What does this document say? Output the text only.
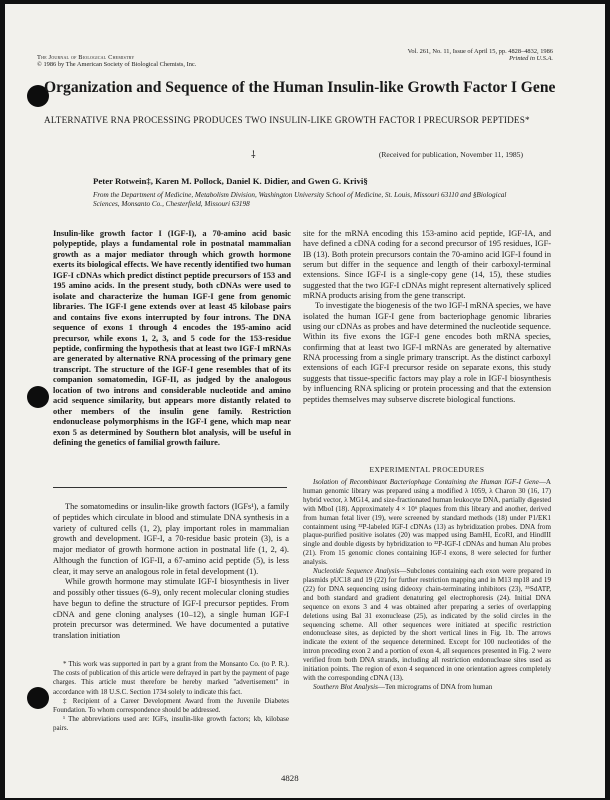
The Journal of Biological Chemistry
© 1986 by The American Society of Biological Chemists, Inc.
Vol. 261, No. 11, Issue of April 15, pp. 4828–4832, 1986
Printed in U.S.A.
Organization and Sequence of the Human Insulin-like Growth Factor I Gene
ALTERNATIVE RNA PROCESSING PRODUCES TWO INSULIN-LIKE GROWTH FACTOR I PRECURSOR PEPTIDES*
⸸	(Received for publication, November 11, 1985)
Peter Rotwein‡, Karen M. Pollock, Daniel K. Didier, and Gwen G. Krivi§
From the Department of Medicine, Metabolism Division, Washington University School of Medicine, St. Louis, Missouri 63110 and §Biological Sciences, Monsanto Co., Chesterfield, Missouri 63198
Insulin-like growth factor I (IGF-I), a 70-amino acid basic polypeptide, plays a fundamental role in postnatal mammalian growth as a major mediator through which growth hormone exerts its biological effects. We have recently identified two human IGF-I cDNAs which predict distinct peptide precursors of 153 and 195 amino acids. In the present study, both cDNAs were used to isolate and characterize the human IGF-I gene from genomic libraries. The IGF-I gene extends over at least 45 kilobase pairs and contains five exons interrupted by four introns. The DNA sequence of exons 1 through 4 encodes the 195-amino acid precursor, while exons 1, 2, 3, and 5 code for the 153-residue peptide, confirming the hypothesis that at least two IGF-I mRNAs are generated by alternative RNA processing of the primary gene transcript. The structure of the IGF-I gene resembles that of its companion somatomedin, IGF-II, as judged by the analogous location of two introns and considerable nucleotide and amino acid sequence similarity, but appears more distantly related to other members of the insulin gene family. Restriction endonuclease polymorphisms in the IGF-I gene, which map near exon 5 as determined by Southern blot analysis, will be useful in defining the genetics of familial growth failure.

The somatomedins or insulin-like growth factors (IGFs¹), a family of peptides which circulate in blood and stimulate DNA synthesis in a variety of cultured cells (1, 2), play important roles in mammalian growth and development. IGF-I, a 70-residue basic protein (3), is a major mediator of growth hormone action in postnatal life (1, 2, 4). Although the function of IGF-II, a 67-amino acid peptide (5), is less clear, it may serve an analogous role in fetal development (1).

While growth hormone may stimulate IGF-I biosynthesis in liver and possibly other tissues (6–9), only recent molecular cloning studies have begun to define the structure of IGF-I precursor peptides. From cDNA and gene cloning analyses (10–12), a single human IGF-I protein precursor was determined. We have documented a putative translation initiation

* This work was supported in part by a grant from the Monsanto Co. (to P. R.). The costs of publication of this article were defrayed in part by the payment of page charges. This article must therefore be hereby marked "advertisement" in accordance with 18 U.S.C. Section 1734 solely to indicate this fact.

‡ Recipient of a Career Development Award from the Juvenile Diabetes Foundation. To whom correspondence should be addressed.

¹ The abbreviations used are: IGFs, insulin-like growth factors; kb, kilobase pairs.

site for the mRNA encoding this 153-amino acid peptide, IGF-IA, and have defined a cDNA coding for a second precursor of 195 residues, IGF-IB (13). Both protein precursors contain the 70-amino acid IGF-I found in serum but differ in the sequence and length of their carboxyl-terminal extensions. Since IGF-I is a single-copy gene (14, 15), these studies suggested that the two IGF-I cDNAs might represent alternatively spliced mRNA products arising from the gene transcript.

To investigate the biogenesis of the two IGF-I mRNA species, we have isolated the human IGF-I gene from bacteriophage genomic libraries using our cDNAs as probes and have determined the nucleotide sequence. Within its five exons the IGF-I gene encodes both mRNA species, confirming that at least two IGF-I mRNAs are generated by alternative RNA processing from a single primary transcript. As the distinct carboxyl extensions of each IGF-I precursor reside on separate exons, this study suggests that tissue-specific factors may play a role in IGF-I biosynthesis by influencing RNA splicing or protein processing and that the extension peptides themselves may subserve discrete biological functions.

EXPERIMENTAL PROCEDURES

Isolation of Recombinant Bacteriophage Containing the Human IGF-I Gene—A human genomic library was prepared using a modified λ 1059, λ Charon 30 (16, 17) hybrid vector, λ MG14, and size-fractionated human leukocyte DNA, partially digested with MboI (18). Approximately 4 × 10⁶ plaques from this library and another, derived from human fetal liver (19), were screened by standard methods (18) under P1/EK1 containment using ³²P-labeled IGF-I cDNAs (13) as hybridization probes. DNA from plaque-purified positive isolates (20) was mapped using BamHI, EcoRI, and HindIII single and double digests by hybridization to ³²P-IGF-I cDNAs and human Alu probes (21). From 15 genomic clones containing IGF-I exons, 8 were selected for further analysis.

Nucleotide Sequence Analysis—Subclones containing each exon were prepared in plasmids pUC18 and 19 (22) for further restriction mapping and in M13 mp18 and 19 (22) for DNA sequencing using dideoxy chain-terminating inhibitors (23), ³⁵SdATP, and both standard and gradient denaturing gel electrophoresis (24). Initial DNA sequence on exons 3 and 4 was obtained after preparing a series of overlapping deletions using Bal 31 exonuclease (25), as indicated by the solid circles in the sequencing scheme. All other sequences were initiated at specific restriction endonuclease sites, as depicted by the short vertical lines in Fig. 1b. The arrows indicate the extent of the sequence determined. Except for 100 nucleotides of the intron preceding exon 2 and a portion of exon 4, all sequences presented in Fig. 2 were verified from both DNA strands, including all restriction endonuclease sites used as initiation points. The region of exon 4 sequenced in one orientation agrees completely with the corresponding cDNA (13).

Southern Blot Analysis—Ten micrograms of DNA from human

4828
